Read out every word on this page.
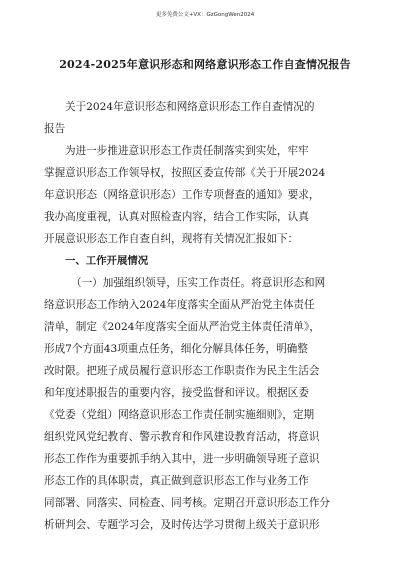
更多免费公文+VX：GzGongWen2024
2024-2025年意识形态和网络意识形态工作自查情况报告
关于2024年意识形态和网络意识形态工作自查情况的
报告
为进一步推进意识形态工作责任制落实到实处，牢牢
掌握意识形态工作领导权，按照区委宣传部《关于开展2024
年意识形态（网络意识形态）工作专项督查的通知》要求，
我办高度重视，认真对照检查内容，结合工作实际，认真
开展意识形态工作自查自纠，现将有关情况汇报如下：
一、工作开展情况
（一）加强组织领导，压实工作责任。将意识形态和网
络意识形态工作纳入2024年度落实全面从严治党主体责任
清单，制定《2024年度落实全面从严治党主体责任清单》，
形成7个方面43项重点任务，细化分解具体任务，明确整
改时限。把班子成员履行意识形态工作职责作为民主生活会
和年度述职报告的重要内容，接受监督和评议。根据区委
《党委（党组）网络意识形态工作责任制实施细则》，定期
组织党风党纪教育、警示教育和作风建设教育活动，将意识
形态工作作为重要抓手纳入其中，进一步明确领导班子意识
形态工作的具体职责，真正做到意识形态工作与业务工作
同部署、同落实、同检查、同考核。定期召开意识形态工作分
析研判会、专题学习会，及时传达学习贯彻上级关于意识形
